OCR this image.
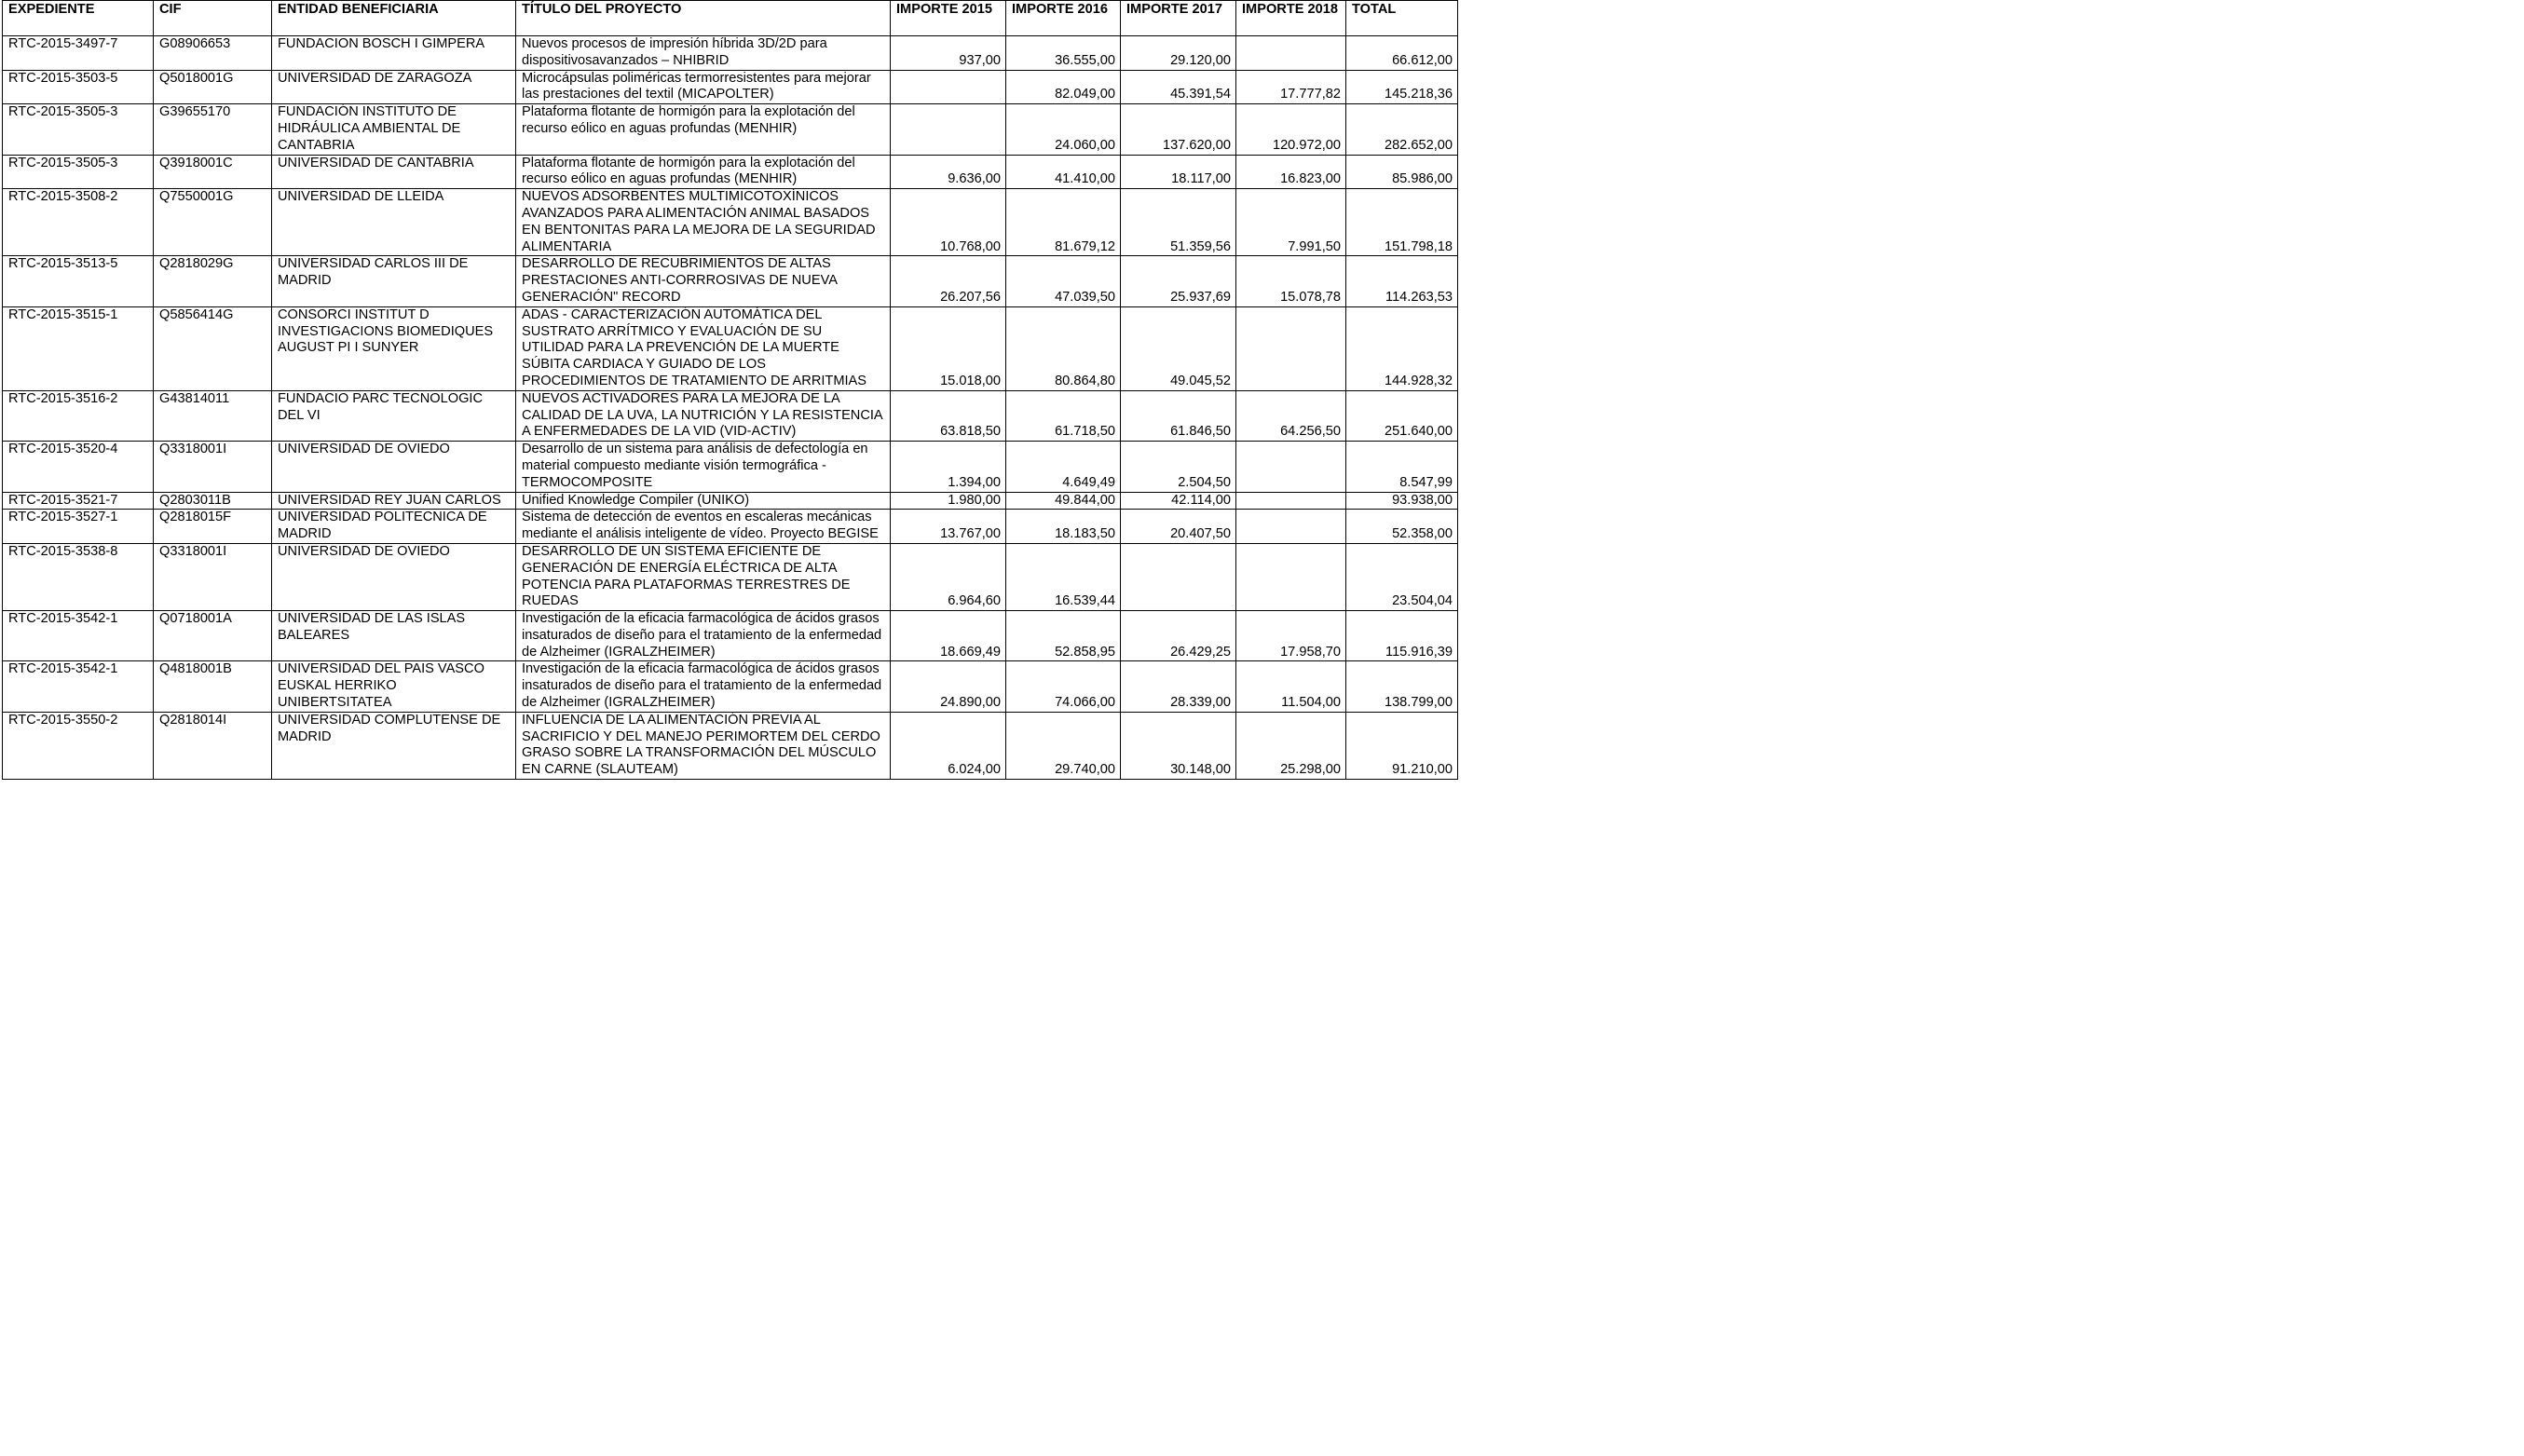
EXPEDIENTE	CIF	ENTIDAD BENEFICIARIA	TÍTULO DEL PROYECTO	IMPORTE 2015	IMPORTE 2016	IMPORTE 2017	IMPORTE 2018	TOTAL
RTC-2015-3497-7	G08906653	FUNDACION BOSCH I GIMPERA	Nuevos procesos de impresión híbrida 3D/2D para dispositivosavanzados – NHIBRID	937,00	36.555,00	29.120,00		66.612,00
RTC-2015-3503-5	Q5018001G	UNIVERSIDAD DE ZARAGOZA	Microcápsulas poliméricas termorresistentes para mejorar las prestaciones del textil (MICAPOLTER)		82.049,00	45.391,54	17.777,82	145.218,36
RTC-2015-3505-3	G39655170	FUNDACIÓN INSTITUTO DE HIDRÁULICA AMBIENTAL DE CANTABRIA	Plataforma flotante de hormigón para la explotación del recurso eólico en aguas profundas (MENHIR)		24.060,00	137.620,00	120.972,00	282.652,00
RTC-2015-3505-3	Q3918001C	UNIVERSIDAD DE CANTABRIA	Plataforma flotante de hormigón para la explotación del recurso eólico en aguas profundas (MENHIR)	9.636,00	41.410,00	18.117,00	16.823,00	85.986,00
RTC-2015-3508-2	Q7550001G	UNIVERSIDAD DE LLEIDA	NUEVOS ADSORBENTES MULTIMICOTOXÍNICOS AVANZADOS PARA ALIMENTACIÓN ANIMAL BASADOS EN BENTONITAS PARA LA MEJORA DE LA SEGURIDAD ALIMENTARIA	10.768,00	81.679,12	51.359,56	7.991,50	151.798,18
RTC-2015-3513-5	Q2818029G	UNIVERSIDAD CARLOS III DE MADRID	DESARROLLO DE RECUBRIMIENTOS DE ALTAS PRESTACIONES ANTI-CORRROSIVAS DE NUEVA GENERACIÓN" RECORD	26.207,56	47.039,50	25.937,69	15.078,78	114.263,53
RTC-2015-3515-1	Q5856414G	CONSORCI INSTITUT D INVESTIGACIONS BIOMEDIQUES AUGUST PI I SUNYER	ADAS - CARACTERIZACIÓN AUTOMÁTICA DEL SUSTRATO ARRÍTMICO Y EVALUACIÓN DE SU UTILIDAD PARA LA PREVENCIÓN DE LA MUERTE SÚBITA CARDIACA Y GUIADO DE LOS PROCEDIMIENTOS DE TRATAMIENTO DE ARRITMIAS	15.018,00	80.864,80	49.045,52		144.928,32
RTC-2015-3516-2	G43814011	FUNDACIO PARC TECNOLOGIC DEL VI	NUEVOS ACTIVADORES PARA LA MEJORA DE LA CALIDAD DE LA UVA, LA NUTRICIÓN Y LA RESISTENCIA A ENFERMEDADES DE LA VID (VID-ACTIV)	63.818,50	61.718,50	61.846,50	64.256,50	251.640,00
RTC-2015-3520-4	Q3318001I	UNIVERSIDAD DE OVIEDO	Desarrollo de un sistema para análisis de defectología en material compuesto mediante visión termográfica - TERMOCOMPOSITE	1.394,00	4.649,49	2.504,50		8.547,99
RTC-2015-3521-7	Q2803011B	UNIVERSIDAD REY JUAN CARLOS	Unified Knowledge Compiler (UNIKO)	1.980,00	49.844,00	42.114,00		93.938,00
RTC-2015-3527-1	Q2818015F	UNIVERSIDAD POLITECNICA DE MADRID	Sistema de detección de eventos en escaleras mecánicas mediante el análisis inteligente de vídeo. Proyecto BEGISE	13.767,00	18.183,50	20.407,50		52.358,00
RTC-2015-3538-8	Q3318001I	UNIVERSIDAD DE OVIEDO	DESARROLLO DE UN SISTEMA EFICIENTE DE GENERACIÓN DE ENERGÍA ELÉCTRICA DE ALTA POTENCIA PARA PLATAFORMAS TERRESTRES DE RUEDAS	6.964,60	16.539,44			23.504,04
RTC-2015-3542-1	Q0718001A	UNIVERSIDAD DE LAS ISLAS BALEARES	Investigación de la eficacia farmacológica de ácidos grasos insaturados de diseño para el tratamiento de la enfermedad de Alzheimer (IGRALZHEIMER)	18.669,49	52.858,95	26.429,25	17.958,70	115.916,39
RTC-2015-3542-1	Q4818001B	UNIVERSIDAD DEL PAIS VASCO EUSKAL HERRIKO UNIBERTSITATEA	Investigación de la eficacia farmacológica de ácidos grasos insaturados de diseño para el tratamiento de la enfermedad de Alzheimer (IGRALZHEIMER)	24.890,00	74.066,00	28.339,00	11.504,00	138.799,00
RTC-2015-3550-2	Q2818014I	UNIVERSIDAD COMPLUTENSE DE MADRID	INFLUENCIA DE LA ALIMENTACIÓN PREVIA AL SACRIFICIO Y DEL MANEJO PERIMORTEM DEL CERDO GRASO SOBRE LA TRANSFORMACIÓN DEL MÚSCULO EN CARNE (SLAUTEAM)	6.024,00	29.740,00	30.148,00	25.298,00	91.210,00
